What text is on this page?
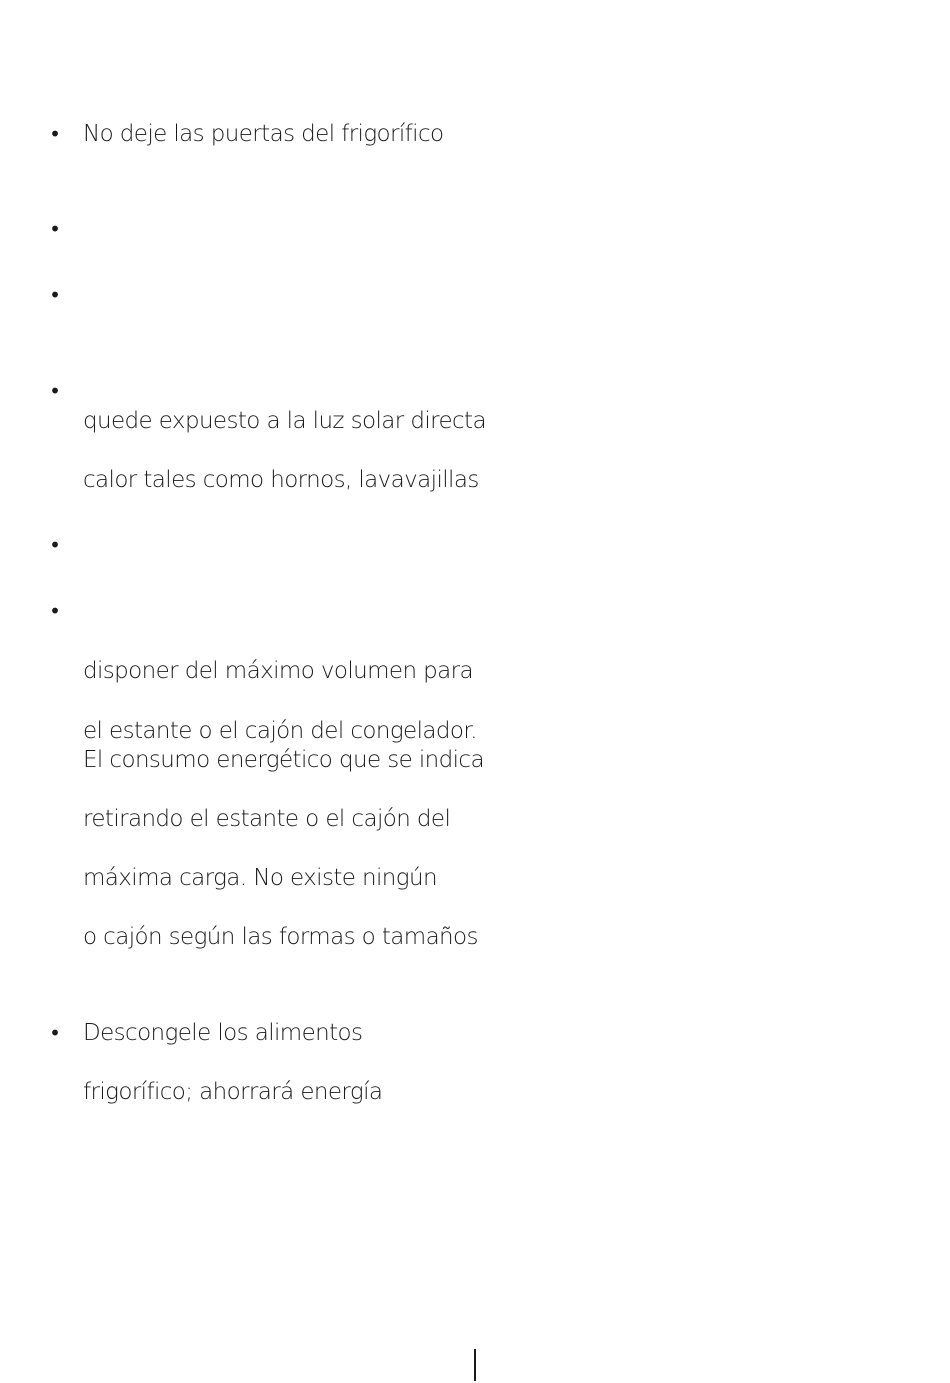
•
•
•
•
•
•
•
No deje las puertas del frigorífico
quede expuesto a la luz solar directa
calor tales como hornos, lavavajillas
disponer del máximo volumen para
el estante o el cajón del congelador.
El consumo energético que se indica
retirando el estante o el cajón del
máxima carga. No existe ningún
o cajón según las formas o tamaños
Descongele los alimentos
frigorífico; ahorrará energía
